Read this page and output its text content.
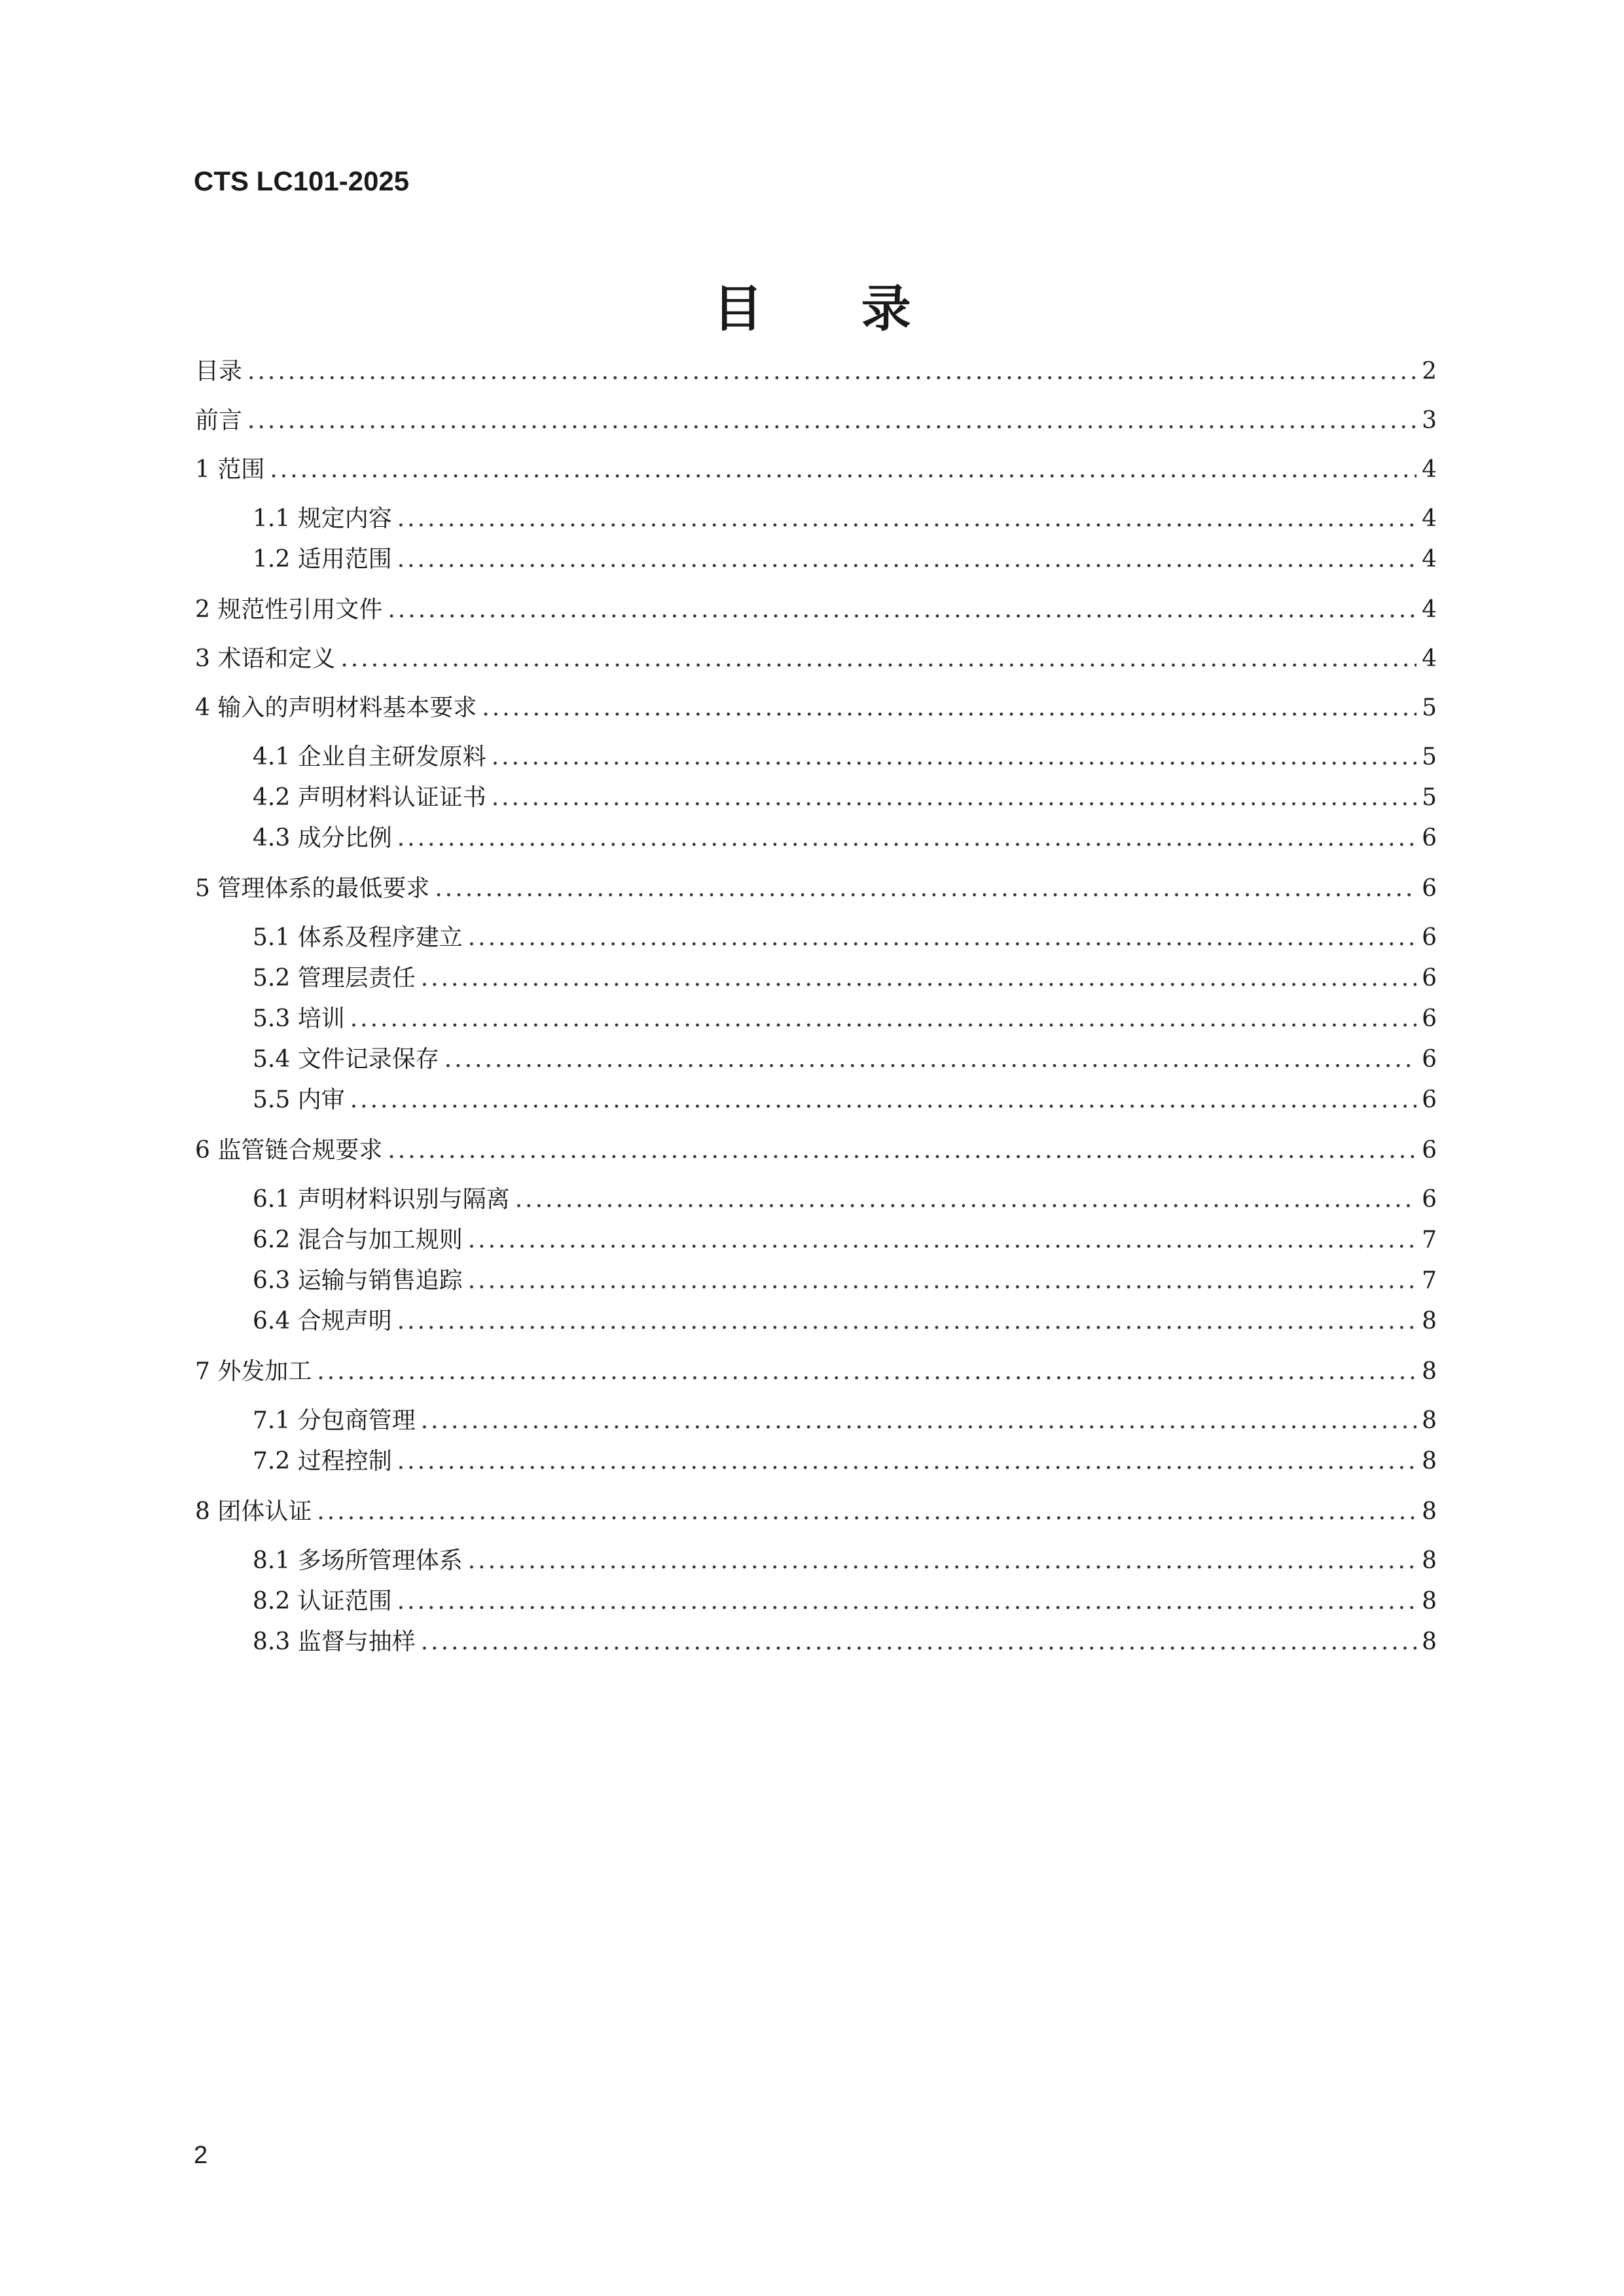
CTS LC101-2025
目 录
目录 .....	2
前言 .....	3
1 范围 .....	4
1.1 规定内容 .....	4
1.2 适用范围 .....	4
2 规范性引用文件 .....	4
3 术语和定义 .....	4
4 输入的声明材料基本要求 .....	5
4.1 企业自主研发原料 .....	5
4.2 声明材料认证证书 .....	5
4.3 成分比例 .....	6
5 管理体系的最低要求 .....	6
5.1 体系及程序建立 .....	6
5.2 管理层责任 .....	6
5.3 培训 .....	6
5.4 文件记录保存 .....	6
5.5 内审 .....	6
6 监管链合规要求 .....	6
6.1 声明材料识别与隔离 .....	6
6.2 混合与加工规则 .....	7
6.3 运输与销售追踪 .....	7
6.4 合规声明 .....	8
7 外发加工 .....	8
7.1 分包商管理 .....	8
7.2 过程控制 .....	8
8 团体认证 .....	8
8.1 多场所管理体系 .....	8
8.2 认证范围 .....	8
8.3 监督与抽样 .....	8
2
